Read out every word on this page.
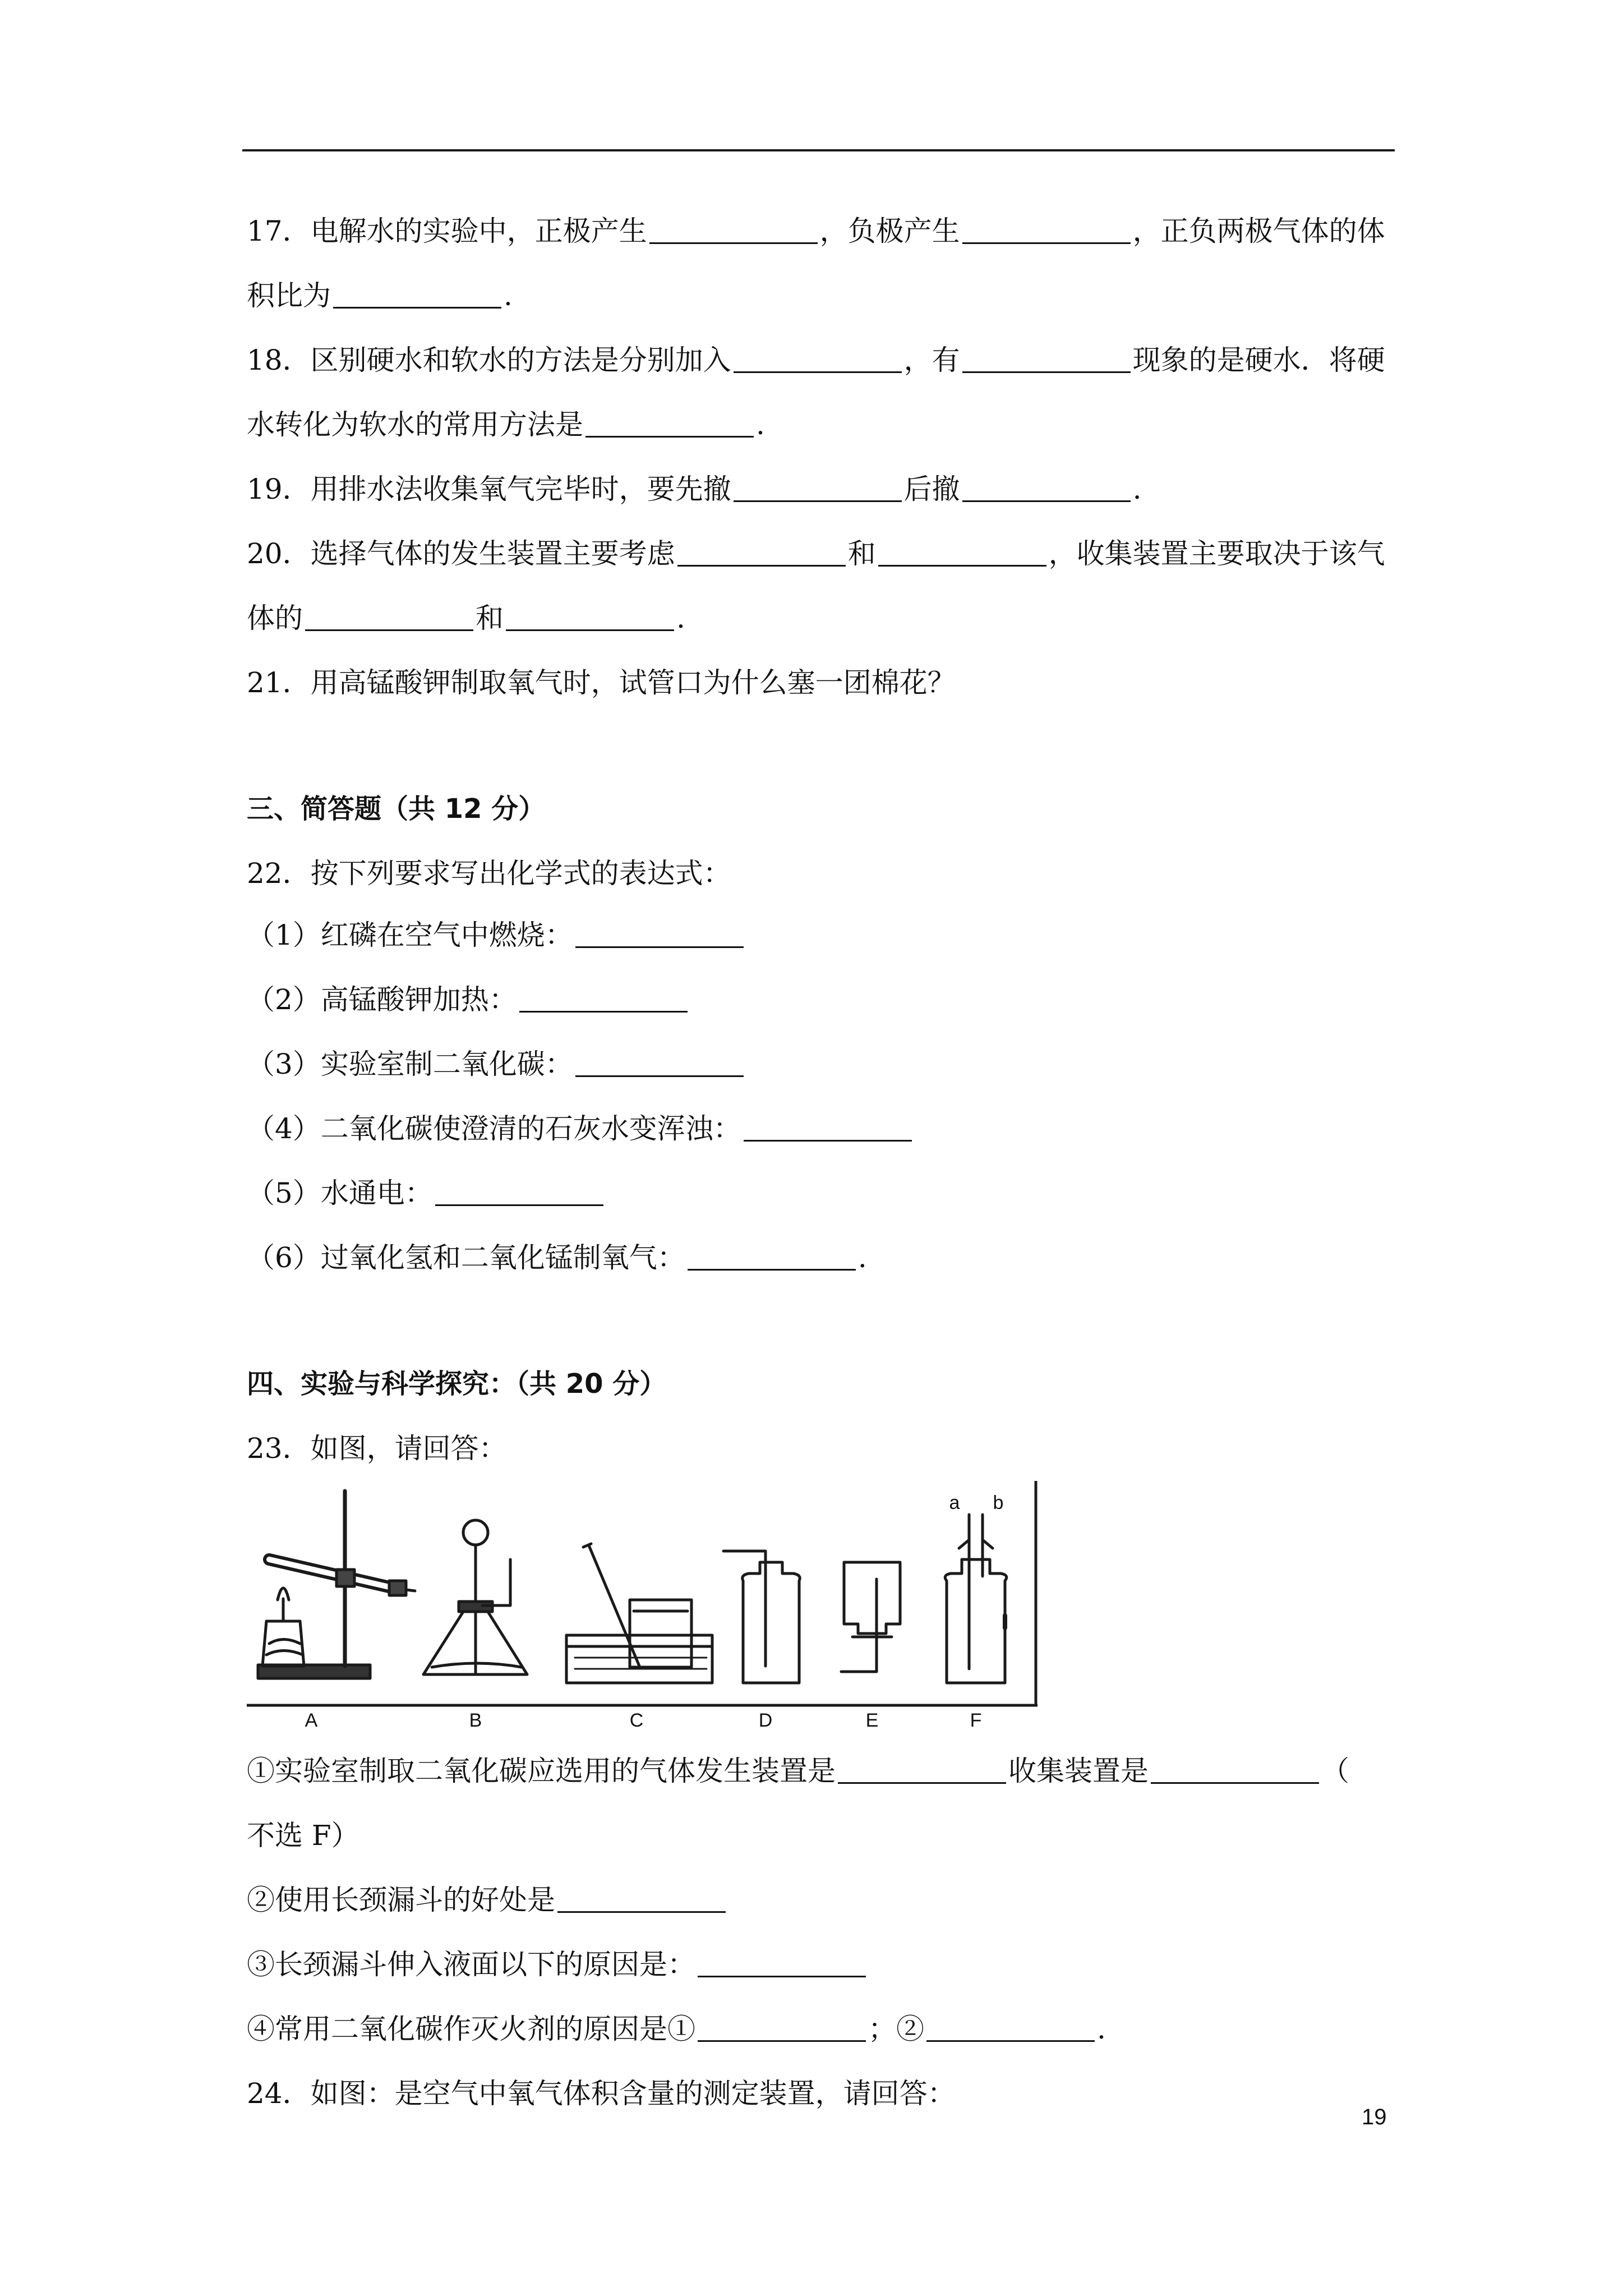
17．电解水的实验中，正极产生	，负极产生	，正负两极气体的体
积比为	.
18．区别硬水和软水的方法是分别加入	，有	现象的是硬水．将硬
水转化为软水的常用方法是	.
19．用排水法收集氧气完毕时，要先撤	后撤	.
20．选择气体的发生装置主要考虑	和	，收集装置主要取决于该气
体的	和	.
21．用高锰酸钾制取氧气时，试管口为什么塞一团棉花？
三、简答题（共 12 分）
22．按下列要求写出化学式的表达式：
（1）红磷在空气中燃烧：
（2）高锰酸钾加热：
（3）实验室制二氧化碳：
（4）二氧化碳使澄清的石灰水变浑浊：
（5）水通电：
（6）过氧化氢和二氧化锰制氧气：	.
四、实验与科学探究：（共 20 分）
23．如图，请回答：
A	B	C	D	E	F
a b
①实验室制取二氧化碳应选用的气体发生装置是	收集装置是	（
不选 F）
②使用长颈漏斗的好处是
③长颈漏斗伸入液面以下的原因是：
④常用二氧化碳作灭火剂的原因是①	；②	.
24．如图：是空气中氧气体积含量的测定装置，请回答：
19
